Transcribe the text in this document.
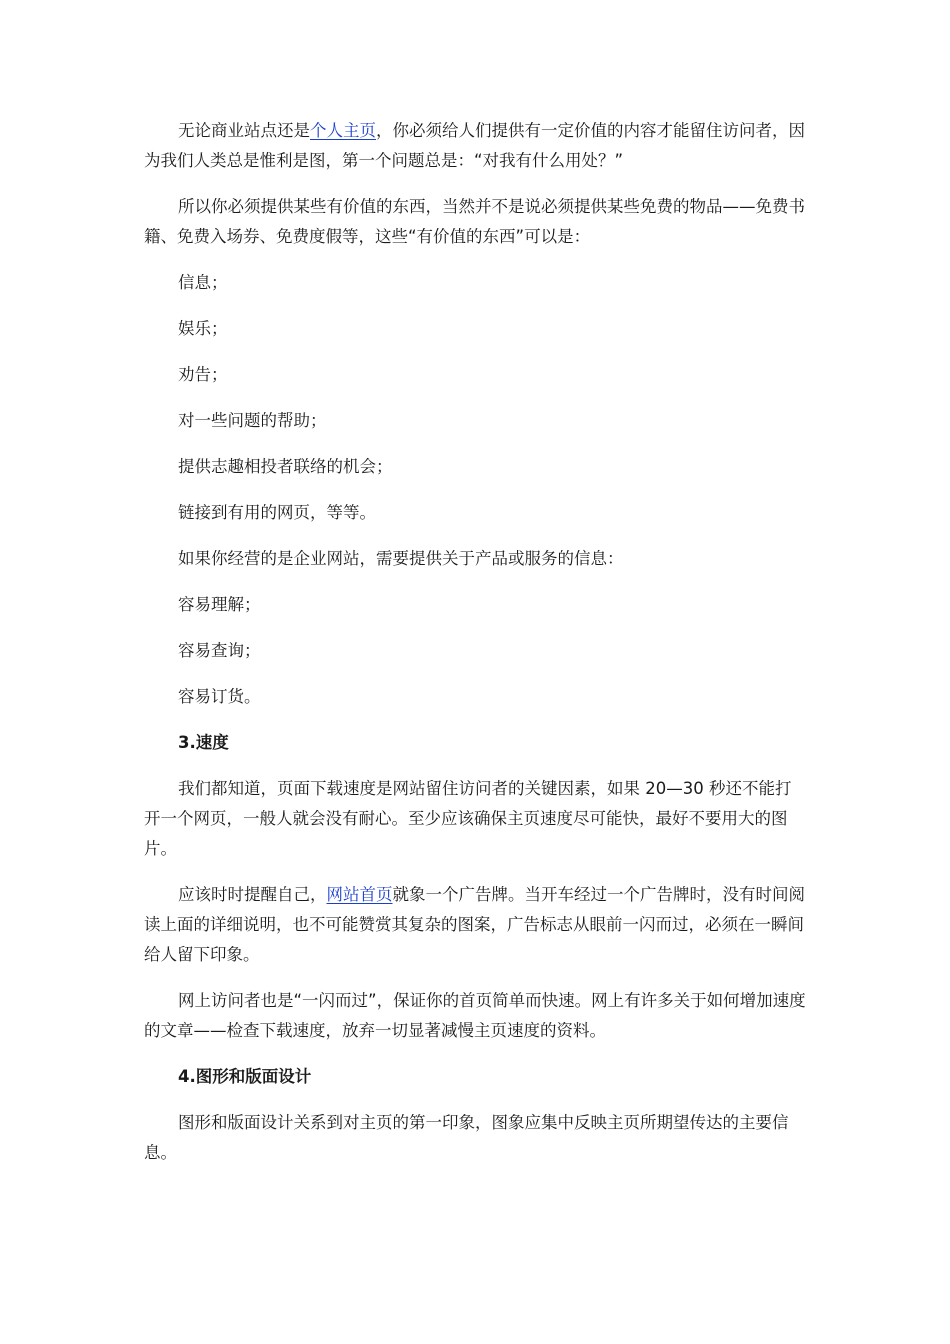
无论商业站点还是个人主页，你必须给人们提供有一定价值的内容才能留住访问者，因为我们人类总是惟利是图，第一个问题总是：“对我有什么用处？”

所以你必须提供某些有价值的东西，当然并不是说必须提供某些免费的物品——免费书籍、免费入场券、免费度假等，这些“有价值的东西”可以是：

信息；

娱乐；

劝告；

对一些问题的帮助；

提供志趣相投者联络的机会；

链接到有用的网页，等等。

如果你经营的是企业网站，需要提供关于产品或服务的信息：

容易理解；

容易查询；

容易订货。

3.速度

我们都知道，页面下载速度是网站留住访问者的关键因素，如果 20—30 秒还不能打开一个网页，一般人就会没有耐心。至少应该确保主页速度尽可能快，最好不要用大的图片。

应该时时提醒自己，网站首页就象一个广告牌。当开车经过一个广告牌时，没有时间阅读上面的详细说明，也不可能赞赏其复杂的图案，广告标志从眼前一闪而过，必须在一瞬间给人留下印象。

网上访问者也是“一闪而过”，保证你的首页简单而快速。网上有许多关于如何增加速度的文章——检查下载速度，放弃一切显著减慢主页速度的资料。

4.图形和版面设计

图形和版面设计关系到对主页的第一印象，图象应集中反映主页所期望传达的主要信息。
